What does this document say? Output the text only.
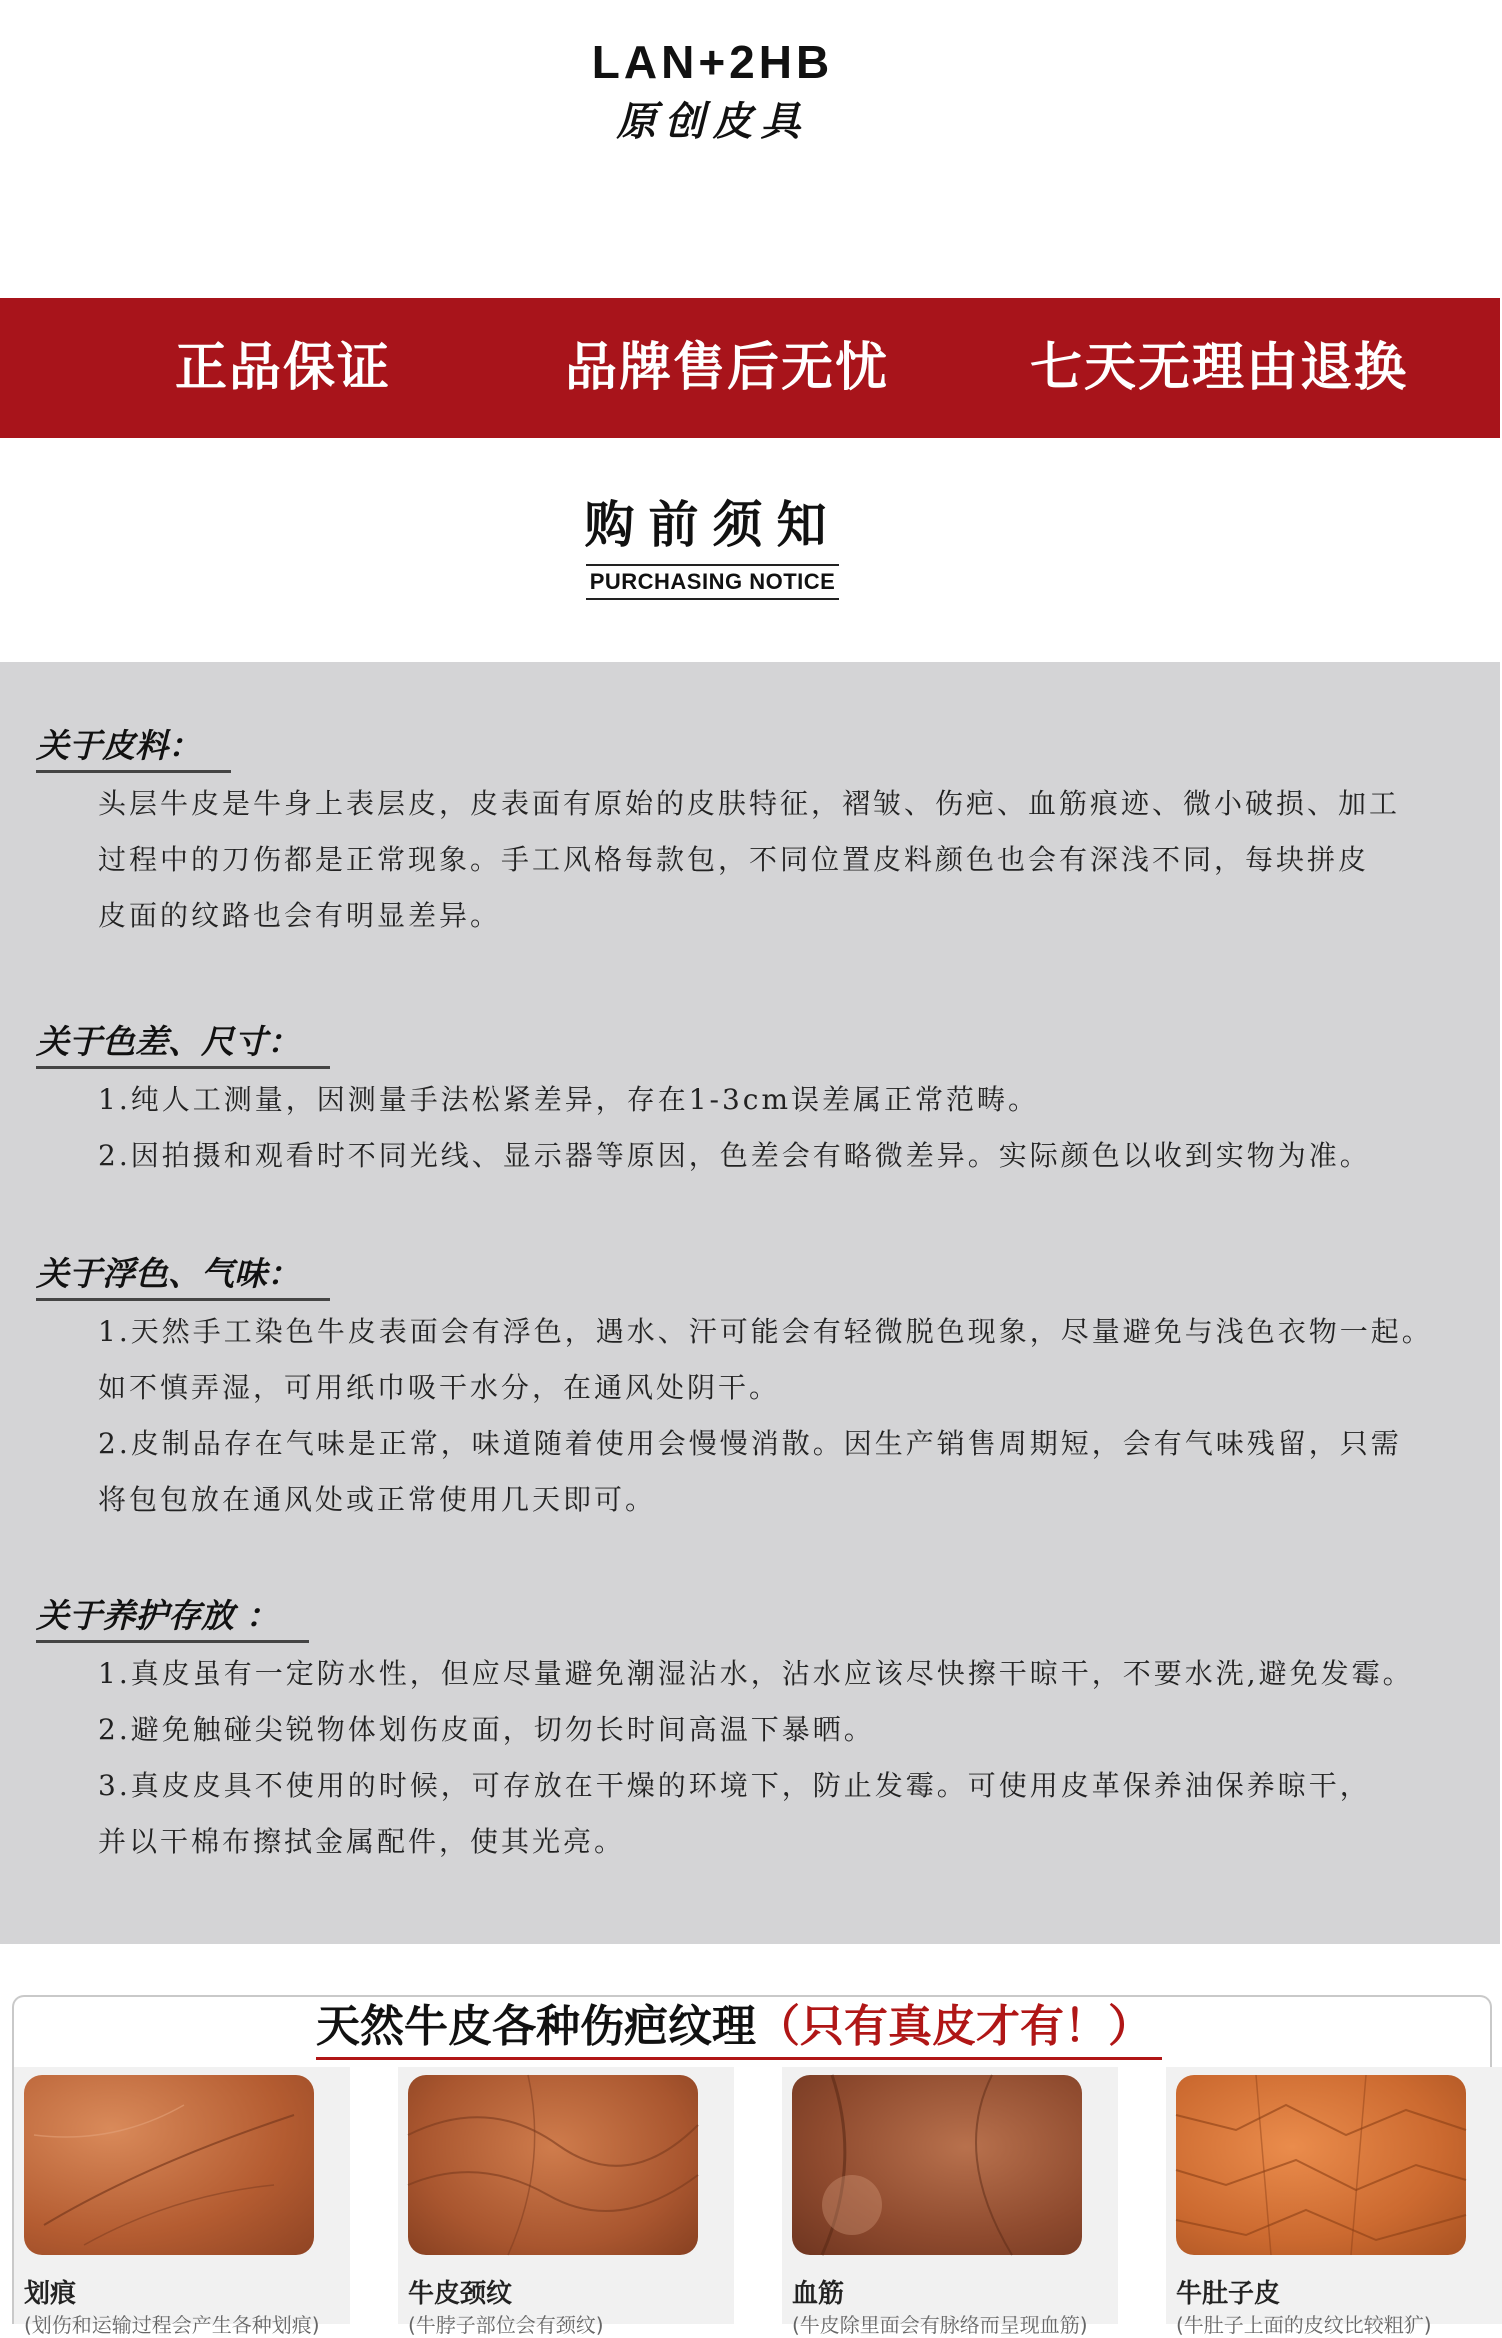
LAN+2HB
原创皮具
正品保证	品牌售后无忧	七天无理由退换
购前须知
PURCHASING NOTICE
关于皮料：

头层牛皮是牛身上表层皮，皮表面有原始的皮肤特征，褶皱、伤疤、血筋痕迹、微小破损、加工
过程中的刀伤都是正常现象。手工风格每款包，不同位置皮料颜色也会有深浅不同，每块拼皮
皮面的纹路也会有明显差异。

关于色差、尺寸：

1.纯人工测量，因测量手法松紧差异，存在1-3cm误差属正常范畴。
2.因拍摄和观看时不同光线、显示器等原因，色差会有略微差异。实际颜色以收到实物为准。

关于浮色、气味：

1.天然手工染色牛皮表面会有浮色，遇水、汗可能会有轻微脱色现象，尽量避免与浅色衣物一起。
如不慎弄湿，可用纸巾吸干水分，在通风处阴干。
2.皮制品存在气味是正常，味道随着使用会慢慢消散。因生产销售周期短，会有气味残留，只需
将包包放在通风处或正常使用几天即可。

关于养护存放 ：

1.真皮虽有一定防水性，但应尽量避免潮湿沾水，沾水应该尽快擦干晾干，不要水洗,避免发霉。
2.避免触碰尖锐物体划伤皮面，切勿长时间高温下暴晒。
3.真皮皮具不使用的时候，可存放在干燥的环境下，防止发霉。可使用皮革保养油保养晾干，
并以干棉布擦拭金属配件，使其光亮。

天然牛皮各种伤疤纹理（只有真皮才有！）
划痕
(划伤和运输过程会产生各种划痕)
牛皮颈纹
(牛脖子部位会有颈纹)
血筋
(牛皮除里面会有脉络而呈现血筋)
牛肚子皮
(牛肚子上面的皮纹比较粗犷)
